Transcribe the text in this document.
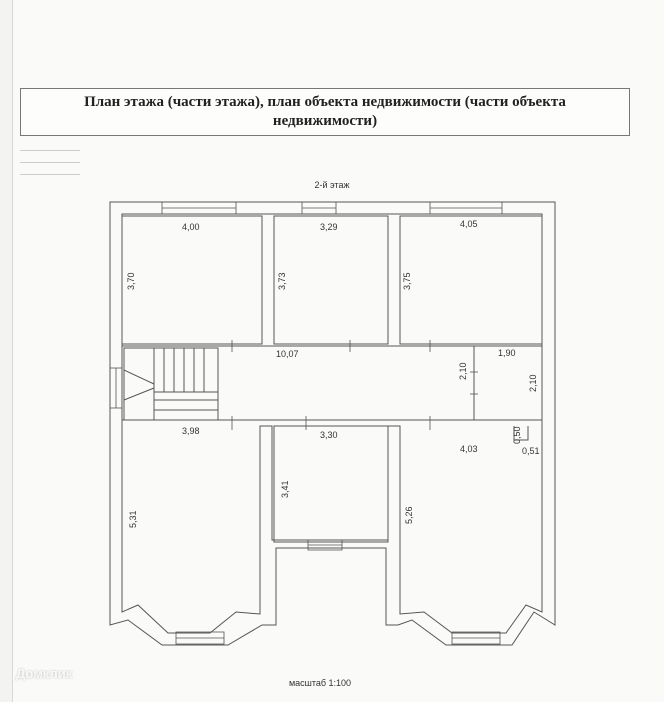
План этажа (части этажа), план объекта недвижимости (части объекта
недвижимости)
2-й этаж
4,00
3,70
3,29
3,73
4,05
3,75
10,07
2,10
1,90
2,10
3,98
5,31
3,30
3,41
4,03
5,26
0,50
0,51
масштаб 1:100
Домклик
